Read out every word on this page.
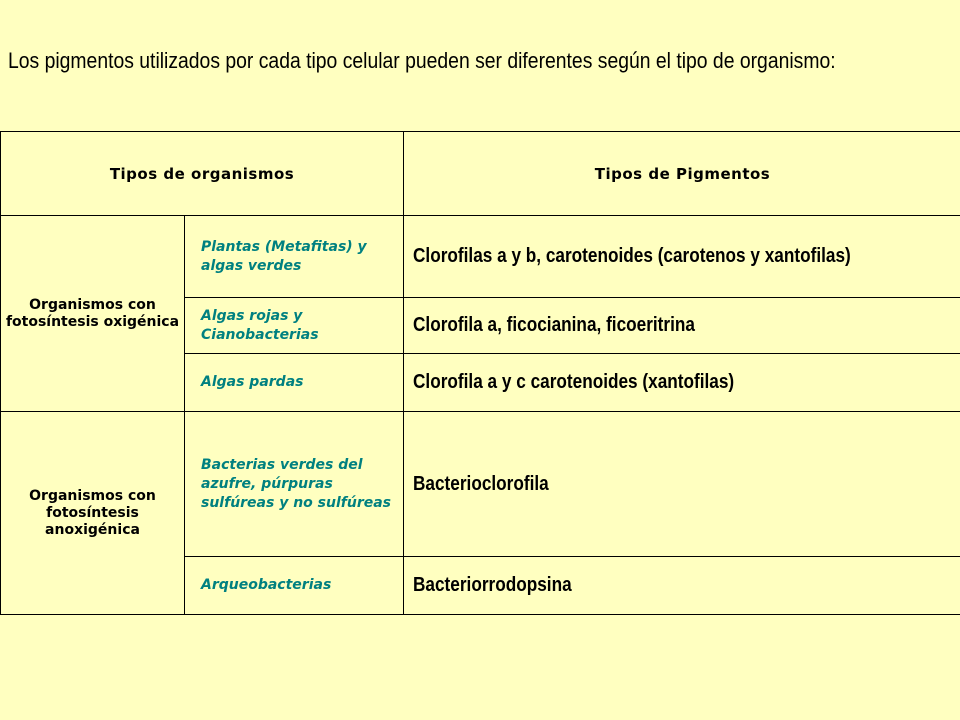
Los pigmentos utilizados por cada tipo celular pueden ser diferentes según el tipo de organismo:
Tipos de organismos		Tipos de Pigmentos
Organismos con fotosíntesis oxigénica	Plantas (Metafitas) y algas verdes	Clorofilas a y b, carotenoides (carotenos y xantofilas)
	Algas rojas y Cianobacterias	Clorofila a, ficocianina, ficoeritrina
	Algas pardas	Clorofila a y c carotenoides (xantofilas)
Organismos con fotosíntesis anoxigénica	Bacterias verdes del azufre, púrpuras sulfúreas y no sulfúreas	Bacterioclorofila
	Arqueobacterias	Bacteriorrodopsina
